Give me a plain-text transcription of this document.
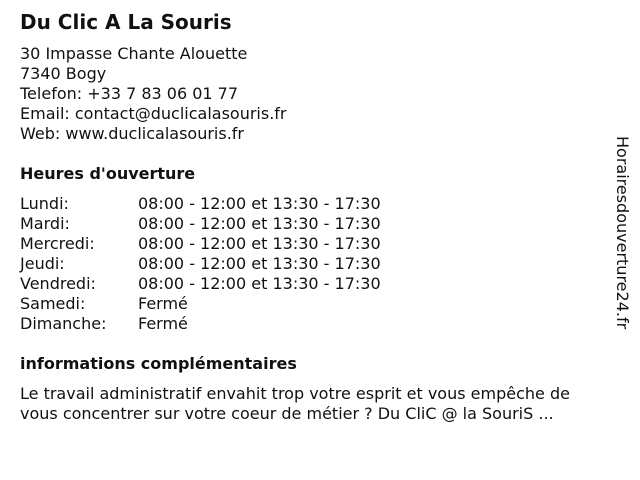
Du Clic A La Souris
30 Impasse Chante Alouette
7340 Bogy
Telefon: +33 7 83 06 01 77
Email: contact@duclicalasouris.fr
Web: www.duclicalasouris.fr
Heures d'ouverture
Lundi:	08:00 - 12:00 et 13:30 - 17:30
Mardi:	08:00 - 12:00 et 13:30 - 17:30
Mercredi:	08:00 - 12:00 et 13:30 - 17:30
Jeudi:	08:00 - 12:00 et 13:30 - 17:30
Vendredi:	08:00 - 12:00 et 13:30 - 17:30
Samedi:	Fermé
Dimanche:	Fermé
informations complémentaires
Le travail administratif envahit trop votre esprit et vous empêche de
vous concentrer sur votre coeur de métier ? Du CliC @ la SouriS ...
Horairesdouverture24.fr
